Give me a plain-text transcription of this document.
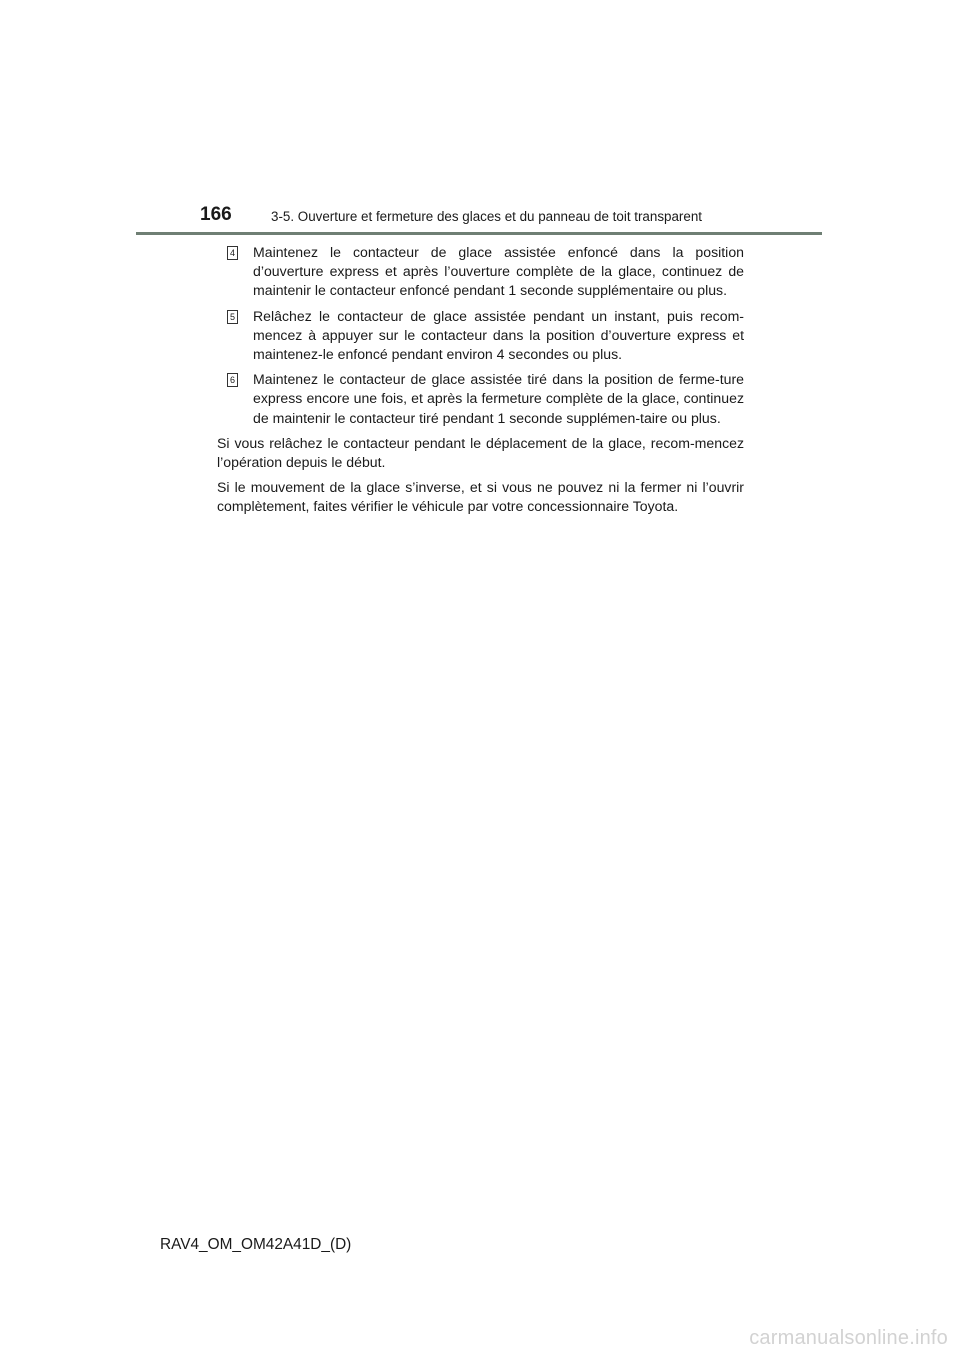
166	3-5. Ouverture et fermeture des glaces et du panneau de toit transparent
4 Maintenez le contacteur de glace assistée enfoncé dans la position d’ouverture express et après l’ouverture complète de la glace, continuez de maintenir le contacteur enfoncé pendant 1 seconde supplémentaire ou plus.
5 Relâchez le contacteur de glace assistée pendant un instant, puis recom-mencez à appuyer sur le contacteur dans la position d’ouverture express et maintenez-le enfoncé pendant environ 4 secondes ou plus.
6 Maintenez le contacteur de glace assistée tiré dans la position de ferme-ture express encore une fois, et après la fermeture complète de la glace, continuez de maintenir le contacteur tiré pendant 1 seconde supplémen-taire ou plus.

Si vous relâchez le contacteur pendant le déplacement de la glace, recom-mencez l’opération depuis le début.

Si le mouvement de la glace s’inverse, et si vous ne pouvez ni la fermer ni l’ouvrir complètement, faites vérifier le véhicule par votre concessionnaire Toyota.

RAV4_OM_OM42A41D_(D)
carmanualsonline.info
